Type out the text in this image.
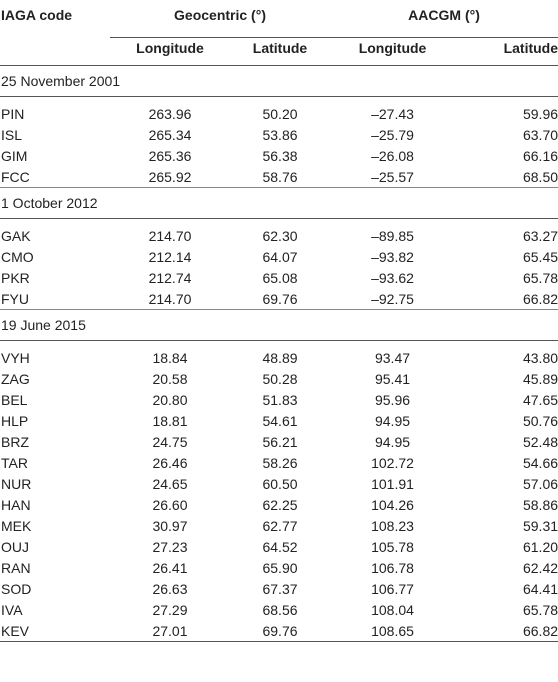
IAGA code	Geocentric (°)		AACGM (°)	
	Longitude	Latitude	Longitude	Latitude
25 November 2001				

PIN	263.96	50.20	–27.43	59.96
ISL	265.34	53.86	–25.79	63.70
GIM	265.36	56.38	–26.08	66.16
FCC	265.92	58.76	–25.57	68.50
1 October 2012				

GAK	214.70	62.30	–89.85	63.27
CMO	212.14	64.07	–93.82	65.45
PKR	212.74	65.08	–93.62	65.78
FYU	214.70	69.76	–92.75	66.82
19 June 2015				

VYH	18.84	48.89	93.47	43.80
ZAG	20.58	50.28	95.41	45.89
BEL	20.80	51.83	95.96	47.65
HLP	18.81	54.61	94.95	50.76
BRZ	24.75	56.21	94.95	52.48
TAR	26.46	58.26	102.72	54.66
NUR	24.65	60.50	101.91	57.06
HAN	26.60	62.25	104.26	58.86
MEK	30.97	62.77	108.23	59.31
OUJ	27.23	64.52	105.78	61.20
RAN	26.41	65.90	106.78	62.42
SOD	26.63	67.37	106.77	64.41
IVA	27.29	68.56	108.04	65.78
KEV	27.01	69.76	108.65	66.82
